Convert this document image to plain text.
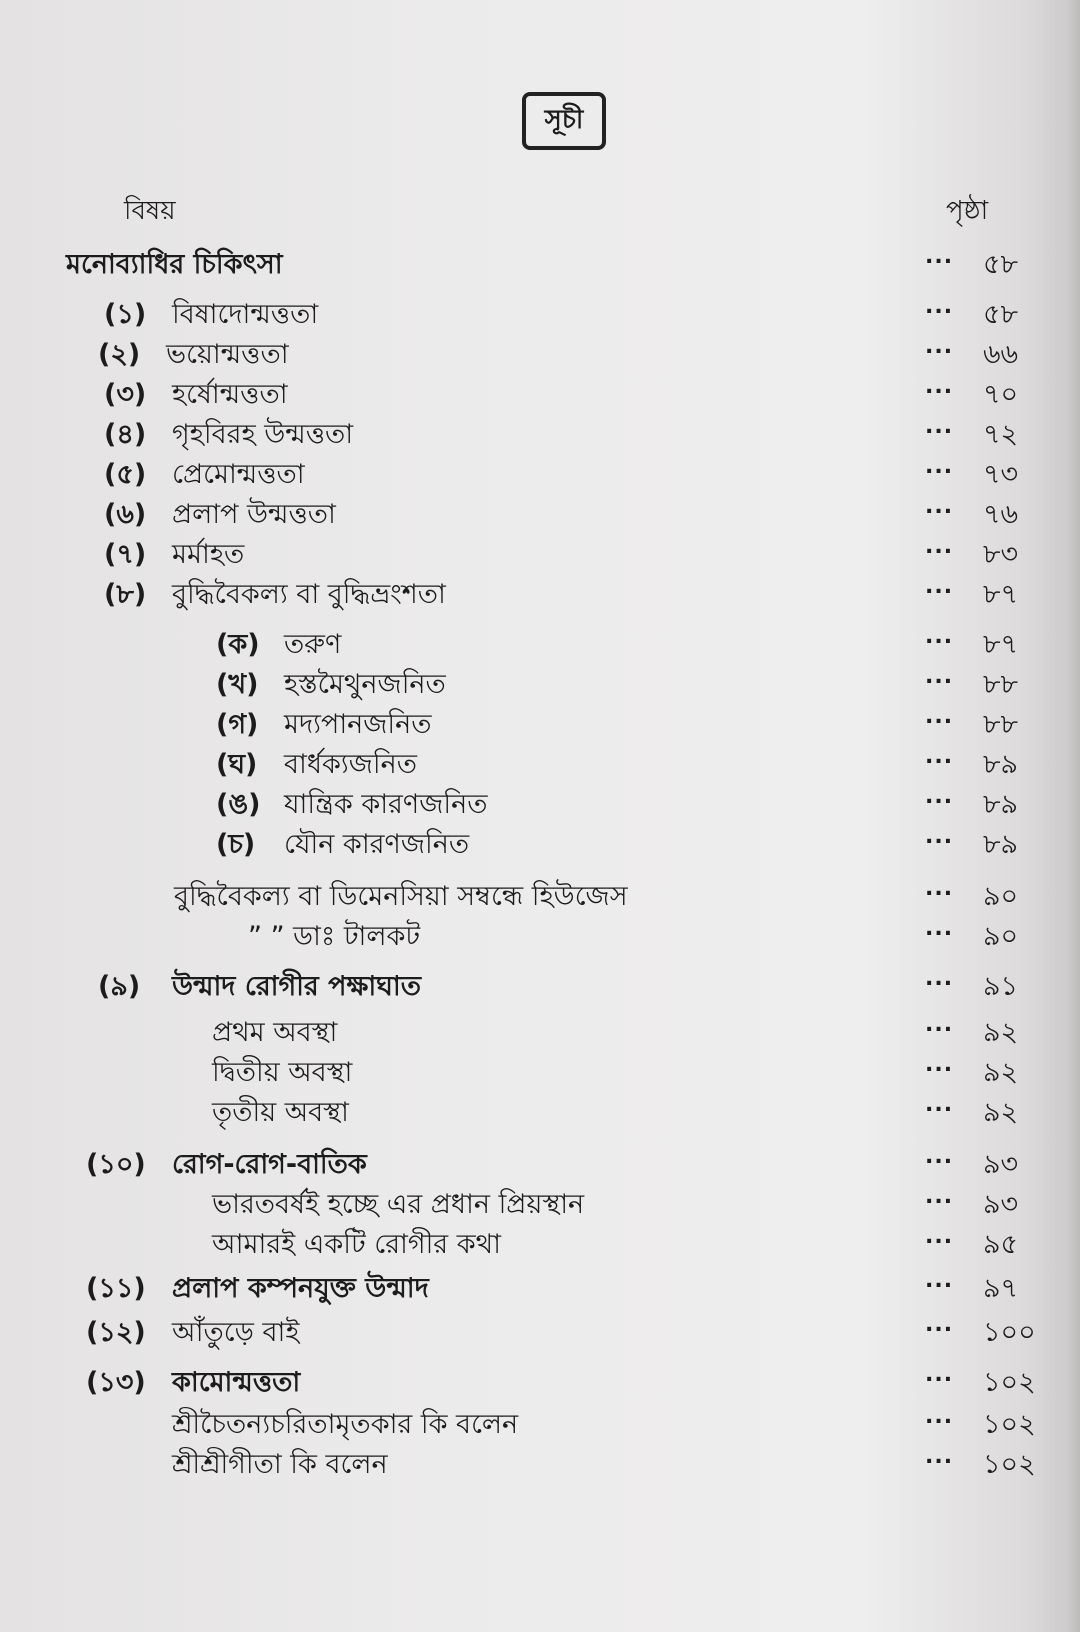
সূচী
বিষয়	পৃষ্ঠা
মনোব্যাধির চিকিৎসা	... ৫৮
(১) বিষাদোন্মত্ততা	... ৫৮
(২) ভয়োন্মত্ততা	... ৬৬
(৩) হর্ষোন্মত্ততা	... ৭০
(৪) গৃহবিরহ উন্মত্ততা	... ৭২
(৫) প্রেমোন্মত্ততা	... ৭৩
(৬) প্রলাপ উন্মত্ততা	... ৭৬
(৭) মর্মাহত	... ৮৩
(৮) বুদ্ধিবৈকল্য বা বুদ্ধিভ্রংশতা	... ৮৭
(ক) তরুণ	... ৮৭
(খ) হস্তমৈথুনজনিত	... ৮৮
(গ) মদ্যপানজনিত	... ৮৮
(ঘ) বার্ধক্যজনিত	... ৮৯
(ঙ) যান্ত্রিক কারণজনিত	... ৮৯
(চ) যৌন কারণজনিত	... ৮৯
বুদ্ধিবৈকল্য বা ডিমেনসিয়া সম্বন্ধে হিউজেস	... ৯০
” ” ডাঃ টালকট	... ৯০
(৯) উন্মাদ রোগীর পক্ষাঘাত	... ৯১
প্রথম অবস্থা	... ৯২
দ্বিতীয় অবস্থা	... ৯২
তৃতীয় অবস্থা	... ৯২
(১০) রোগ-রোগ-বাতিক	... ৯৩
ভারতবর্ষই হচ্ছে এর প্রধান প্রিয়স্থান	... ৯৩
আমারই একটি রোগীর কথা	... ৯৫
(১১) প্রলাপ কম্পনযুক্ত উন্মাদ	... ৯৭
(১২) আঁতুড়ে বাই	... ১০০
(১৩) কামোন্মত্ততা	... ১০২
শ্রীচৈতন্যচরিতামৃতকার কি বলেন	... ১০২
শ্রীশ্রীগীতা কি বলেন	... ১০২
